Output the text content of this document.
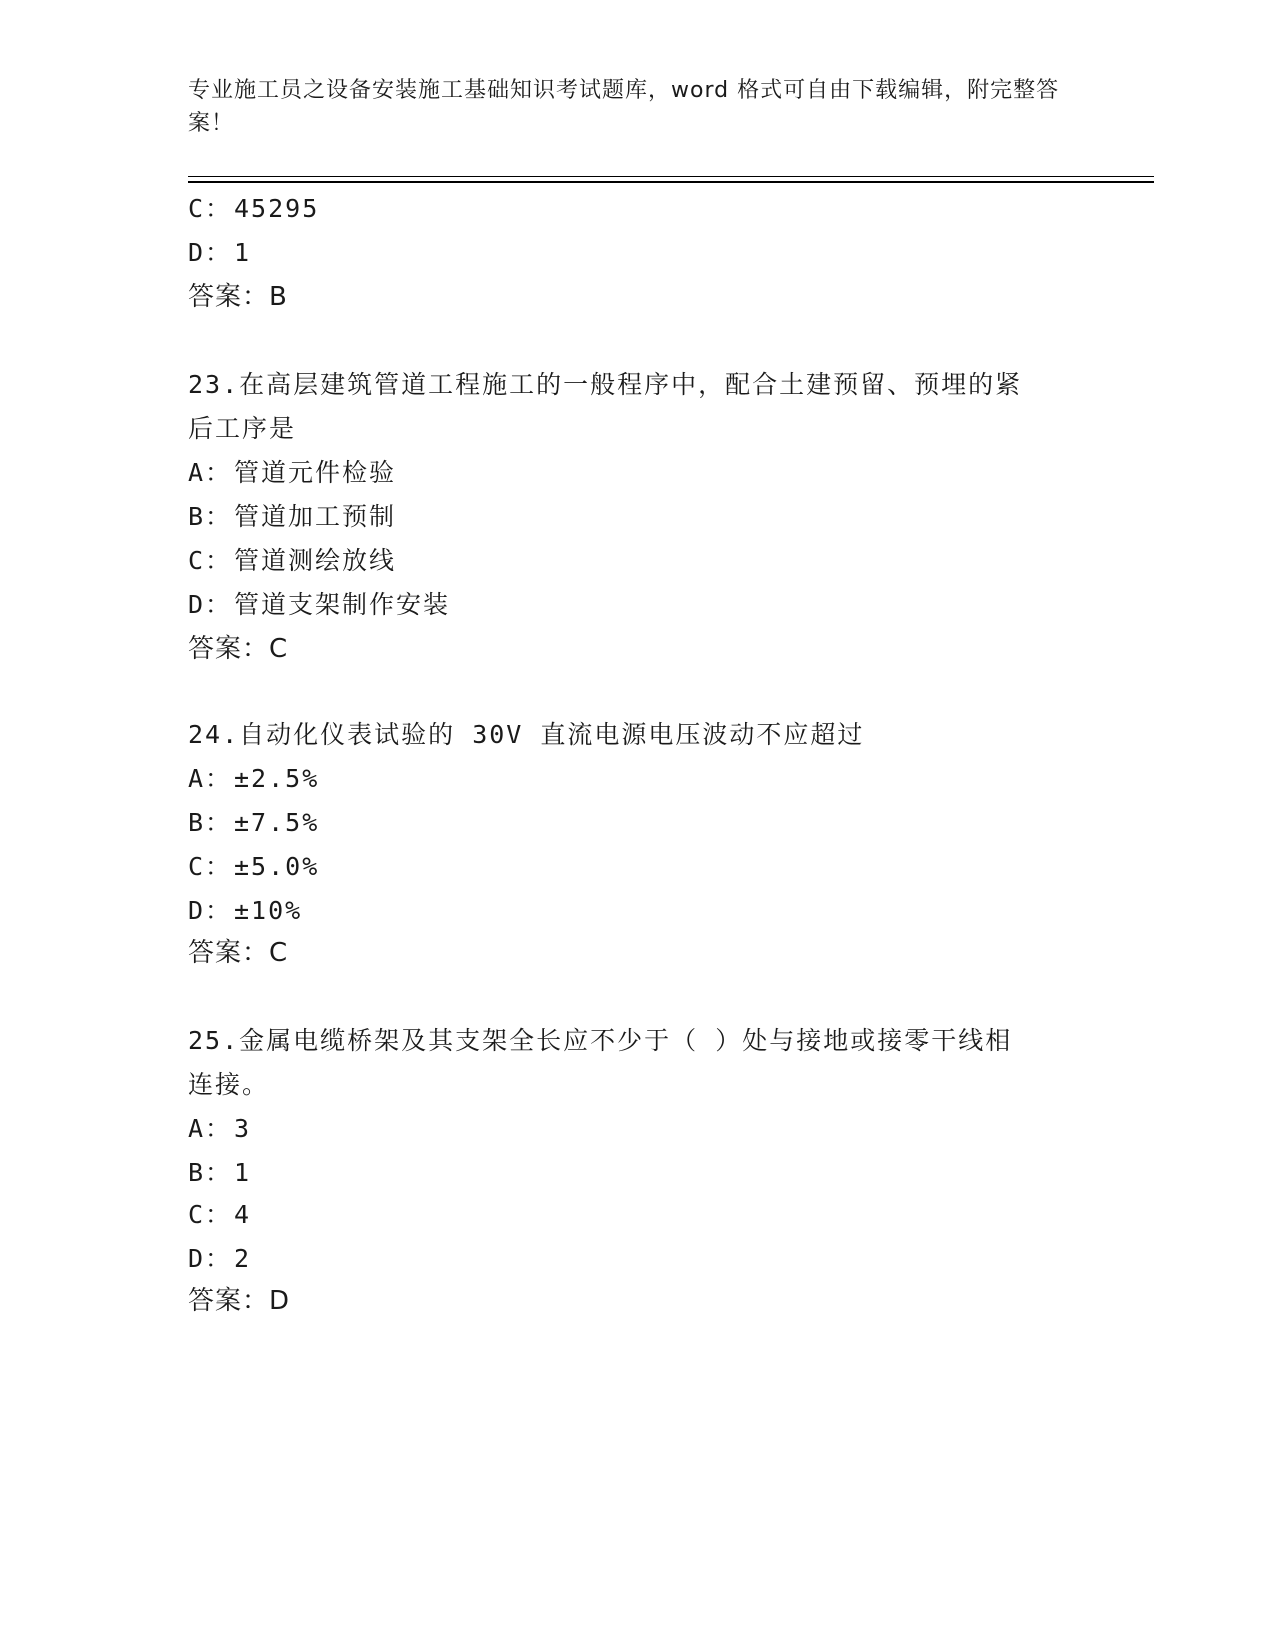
专业施工员之设备安装施工基础知识考试题库，word 格式可自由下载编辑，附完整答案！
C：45295
D：1
答案：B
23.在高层建筑管道工程施工的一般程序中，配合土建预留、预埋的紧
后工序是
A：管道元件检验
B：管道加工预制
C：管道测绘放线
D：管道支架制作安装
答案：C
24.自动化仪表试验的 30V 直流电源电压波动不应超过
A：±2.5%
B：±7.5%
C：±5.0%
D：±10%
答案：C
25.金属电缆桥架及其支架全长应不少于（ ）处与接地或接零干线相
连接。
A：3
B：1
C：4
D：2
答案：D
